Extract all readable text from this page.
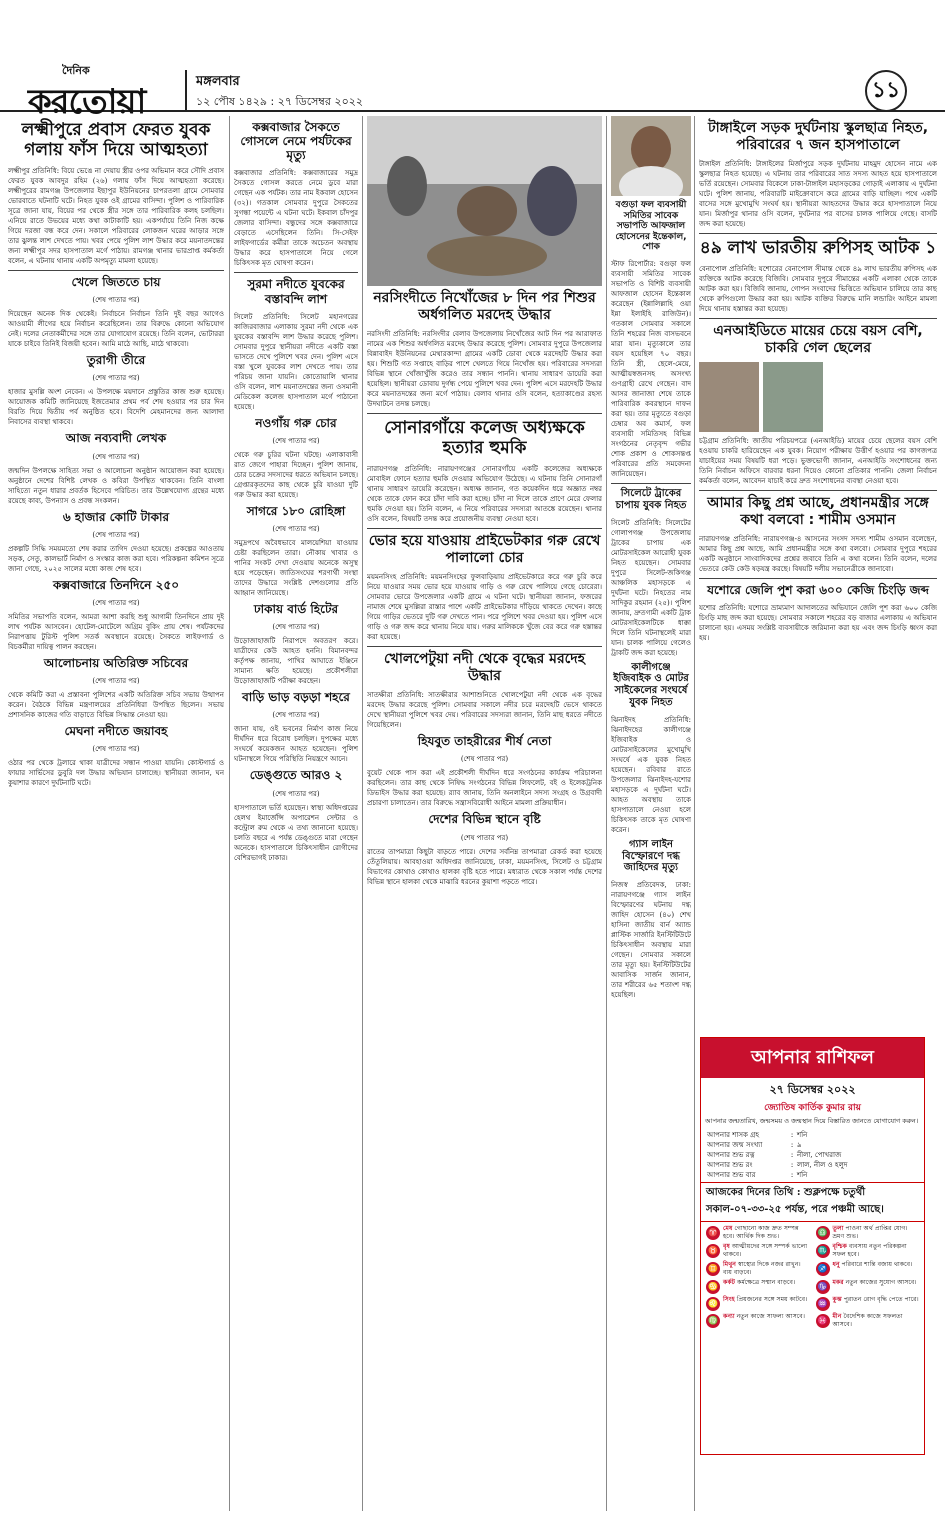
দৈনিক
করতোয়া
মঙ্গলবার
১২ পৌষ ১৪২৯ : ২৭ ডিসেম্বর ২০২২	১১
লক্ষ্মীপুরে প্রবাস ফেরত যুবক গলায় ফাঁস দিয়ে আত্মহত্যা

লক্ষ্মীপুর প্রতিনিধি: বিয়ে ভেঙে না দেয়ায় স্ত্রীর ওপর অভিমান করে সৌদি প্রবাস ফেরত যুবক আবদুর রহিম (২৬) গলায় ফাঁস দিয়ে আত্মহত্যা করেছে। লক্ষ্মীপুরের রামগঞ্জ উপজেলার ইছাপুর ইউনিয়নের চাপরতলা গ্রামে সোমবার ভোরবাতে ঘটনাটি ঘটে। নিহত যুবক ওই গ্রামের বাসিন্দা। পুলিশ ও পারিবারিক সূত্রে জানা যায়, বিয়ের পর থেকে স্ত্রীর সঙ্গে তার পারিবারিক কলহ চলছিল। এনিয়ে রাতে উভয়ের মধ্যে কথা কাটাকাটি হয়। একপর্যায়ে তিনি নিজ কক্ষে গিয়ে দরজা বন্ধ করে দেন। সকালে পরিবারের লোকজন ঘরের আড়ার সঙ্গে তার ঝুলন্ত লাশ দেখতে পায়। খবর পেয়ে পুলিশ লাশ উদ্ধার করে ময়নাতদন্তের জন্য লক্ষ্মীপুর সদর হাসপাতাল মর্গে পাঠায়। রামগঞ্জ থানার ভারপ্রাপ্ত কর্মকর্তা বলেন, এ ঘটনায় থানায় একটি অপমৃত্যু মামলা হয়েছে।

খেলে জিততে চায়
(শেষ পাতার পর)

দিয়েছেন অনেক দিক থেকেই। নির্বাচনে নির্বাচন তিনি দুই বছর আগেও আওয়ামী লীগের হয়ে নির্বাচন করেছিলেন। তার বিরুদ্ধে কোনো অভিযোগ নেই। দলের নেতাকর্মীদের সঙ্গে তার যোগাযোগ রয়েছে। তিনি বলেন, ভোটাররা যাকে চাইবে তিনিই বিজয়ী হবেন। আমি মাঠে আছি, মাঠে থাকবো।

তুরাগী তীরে
(শেষ পাতার পর)

হাজার মুসল্লি অংশ নেবেন। এ উপলক্ষে ময়দানে প্রস্তুতির কাজ শুরু হয়েছে। আয়োজক কমিটি জানিয়েছে ইজতেমার প্রথম পর্ব শেষ হওয়ার পর চার দিন বিরতি দিয়ে দ্বিতীয় পর্ব অনুষ্ঠিত হবে। বিদেশি মেহমানদের জন্য আলাদা নিবাসের ব্যবস্থা থাকবে।

আজ নব্যবাদী লেখক
(শেষ পাতার পর)

জন্মদিন উপলক্ষে সাহিত্য সভা ও আলোচনা অনুষ্ঠান আয়োজন করা হয়েছে। অনুষ্ঠানে দেশের বিশিষ্ট লেখক ও কবিরা উপস্থিত থাকবেন। তিনি বাংলা সাহিত্যে নতুন ধারার প্রবর্তক হিসেবে পরিচিত। তার উল্লেখযোগ্য গ্রন্থের মধ্যে রয়েছে কাব্য, উপন্যাস ও প্রবন্ধ সংকলন।

৬ হাজার কোটি টাকার
(শেষ পাতার পর)

প্রকল্পটি সিদ্ধি সময়মতো শেষ করার তাগিদ দেওয়া হয়েছে। প্রকল্পের আওতায় সড়ক, সেতু, কালভার্ট নির্মাণ ও সংস্কার কাজ করা হবে। পরিকল্পনা কমিশন সূত্রে জানা গেছে, ২০২৫ সালের মধ্যে কাজ শেষ হবে।

কক্সবাজারে তিনদিনে ২৫০
(শেষ পাতার পর)

সমিতির সভাপতি বলেন, আমরা আশা করছি শুধু আগামী তিনদিনে প্রায় দুই লাখ পর্যটক আসবেন। হোটেল-মোটেলে অগ্রিম বুকিং প্রায় শেষ। পর্যটকদের নিরাপত্তায় টুরিস্ট পুলিশ সতর্ক অবস্থানে রয়েছে। সৈকতে লাইফগার্ড ও বিচকর্মীরা দায়িত্ব পালন করছেন।

আলোচনায় অতিরিক্ত সচিবের
(শেষ পাতার পর)

থেকে কমিটি করা এ প্রস্তাবনা পুলিশের একটি অতিরিক্ত সচিব সভায় উত্থাপন করেন। বৈঠকে বিভিন্ন মন্ত্রণালয়ের প্রতিনিধিরা উপস্থিত ছিলেন। সভায় প্রশাসনিক কাজের গতি বাড়াতে বিভিন্ন সিদ্ধান্ত নেওয়া হয়।

মেঘনা নদীতে জয়াবহ
(শেষ পাতার পর)

ওঠার পর থেকে ট্রলারে থাকা যাত্রীদের সন্ধান পাওয়া যায়নি। কোস্টগার্ড ও ফায়ার সার্ভিসের ডুবুরি দল উদ্ধার অভিযান চালাচ্ছে। স্থানীয়রা জানান, ঘন কুয়াশার কারণে দুর্ঘটনাটি ঘটে।

কক্সবাজার সৈকতে গোসলে নেমে পর্যটকের মৃত্যু

কক্সবাজার প্রতিনিধি: কক্সবাজারের সমুদ্র সৈকতে গোসল করতে নেমে ডুবে মারা গেছেন এক পর্যটক। তার নাম ইকবাল হোসেন (৩২)। গতকাল সোমবার দুপুরে সৈকতের সুগন্ধা পয়েন্টে এ ঘটনা ঘটে। ইকবাল চাঁদপুর জেলার বাসিন্দা। বন্ধুদের সঙ্গে কক্সবাজারে বেড়াতে এসেছিলেন তিনি। সি-সেইফ লাইফগার্ডের কর্মীরা তাকে অচেতন অবস্থায় উদ্ধার করে হাসপাতালে নিয়ে গেলে চিকিৎসক মৃত ঘোষণা করেন।

সুরমা নদীতে যুবকের বস্তাবন্দি লাশ

সিলেট প্রতিনিধি: সিলেট মহানগরের কাজিরবাজার এলাকায় সুরমা নদী থেকে এক যুবকের বস্তাবন্দি লাশ উদ্ধার করেছে পুলিশ। সোমবার দুপুরে স্থানীয়রা নদীতে একটি বস্তা ভাসতে দেখে পুলিশে খবর দেন। পুলিশ এসে বস্তা খুলে যুবকের লাশ দেখতে পায়। তার পরিচয় জানা যায়নি। কোতোয়ালি থানার ওসি বলেন, লাশ ময়নাতদন্তের জন্য ওসমানী মেডিকেল কলেজ হাসপাতাল মর্গে পাঠানো হয়েছে।

নওগাঁয় গরু চোর
(শেষ পাতার পর)

থেকে গরু চুরির ঘটনা ঘটছে। এলাকাবাসী রাত জেগে পাহারা দিচ্ছেন। পুলিশ জানায়, চোর চক্রের সদস্যদের ধরতে অভিযান চলছে। গ্রেপ্তারকৃতদের কাছ থেকে চুরি যাওয়া দুটি গরু উদ্ধার করা হয়েছে।

সাগরে ১৮০ রোহিঙ্গা
(শেষ পাতার পর)

সমুদ্রপথে অবৈধভাবে মালয়েশিয়া যাওয়ার চেষ্টা করছিলেন তারা। নৌকায় খাবার ও পানির সংকট দেখা দেওয়ায় অনেকে অসুস্থ হয়ে পড়েছেন। জাতিসংঘের শরণার্থী সংস্থা তাদের উদ্ধারে সংশ্লিষ্ট দেশগুলোর প্রতি আহ্বান জানিয়েছে।

ঢাকায় বার্ড হিটের
(শেষ পাতার পর)

উড়োজাহাজটি নিরাপদে অবতরণ করে। যাত্রীদের কেউ আহত হননি। বিমানবন্দর কর্তৃপক্ষ জানায়, পাখির আঘাতে ইঞ্জিনে সামান্য ক্ষতি হয়েছে। প্রকৌশলীরা উড়োজাহাজটি পরীক্ষা করছেন।

বাড়ি ভাড় বড়ড়া শহরে
(শেষ পাতার পর)

জানা যায়, ওই ভবনের নির্মাণ কাজ নিয়ে দীর্ঘদিন ধরে বিরোধ চলছিল। দুপক্ষের মধ্যে সংঘর্ষে কয়েকজন আহত হয়েছেন। পুলিশ ঘটনাস্থলে গিয়ে পরিস্থিতি নিয়ন্ত্রণে আনে।

ডেঙ্গুতে আরও ২
(শেষ পাতার পর)

হাসপাতালে ভর্তি হয়েছেন। স্বাস্থ্য অধিদপ্তরের হেলথ ইমার্জেন্সি অপারেশন সেন্টার ও কন্ট্রোল রুম থেকে এ তথ্য জানানো হয়েছে। চলতি বছরে এ পর্যন্ত ডেঙ্গুতে মারা গেছেন অনেকে। হাসপাতালে চিকিৎসাধীন রোগীদের বেশিরভাগই ঢাকার।

নরসিংদীতে নিখোঁজের ৮ দিন পর শিশুর অর্ধগলিত মরদেহ উদ্ধার

নরসিংদী প্রতিনিধি: নরসিংদীর বেলাব উপজেলায় নিখোঁজের আট দিন পর আরাফাত নামের এক শিশুর অর্ধগলিত মরদেহ উদ্ধার করেছে পুলিশ। সোমবার দুপুরে উপজেলার বিন্নাবাইদ ইউনিয়নের মেথারকান্দা গ্রামের একটি ডোবা থেকে মরদেহটি উদ্ধার করা হয়। শিশুটি গত সপ্তাহে বাড়ির পাশে খেলতে গিয়ে নিখোঁজ হয়। পরিবারের সদস্যরা বিভিন্ন স্থানে খোঁজাখুঁজি করেও তার সন্ধান পাননি। থানায় সাধারণ ডায়েরি করা হয়েছিল। স্থানীয়রা ডোবায় দুর্গন্ধ পেয়ে পুলিশে খবর দেন। পুলিশ এসে মরদেহটি উদ্ধার করে ময়নাতদন্তের জন্য মর্গে পাঠায়। বেলাব থানার ওসি বলেন, হত্যাকাণ্ডের রহস্য উদঘাটনে তদন্ত চলছে।

সোনারগাঁয়ে কলেজ অধ্যক্ষকে হত্যার হুমকি

নারায়ণগঞ্জ প্রতিনিধি: নারায়ণগঞ্জের সোনারগাঁয়ে একটি কলেজের অধ্যক্ষকে মোবাইল ফোনে হত্যার হুমকি দেওয়ার অভিযোগ উঠেছে। এ ঘটনায় তিনি সোনারগাঁ থানায় সাধারণ ডায়েরি করেছেন। অধ্যক্ষ জানান, গত কয়েকদিন ধরে অজ্ঞাত নম্বর থেকে তাকে ফোন করে চাঁদা দাবি করা হচ্ছে। চাঁদা না দিলে তাকে প্রাণে মেরে ফেলার হুমকি দেওয়া হয়। তিনি বলেন, এ নিয়ে পরিবারের সদস্যরা আতঙ্কে রয়েছেন। থানার ওসি বলেন, বিষয়টি তদন্ত করে প্রয়োজনীয় ব্যবস্থা নেওয়া হবে।

ভোর হয়ে যাওয়ায় প্রাইভেটকার গরু রেখে পালালো চোর

ময়মনসিংহ প্রতিনিধি: ময়মনসিংহের ফুলবাড়িয়ায় প্রাইভেটকারে করে গরু চুরি করে নিয়ে যাওয়ার সময় ভোর হয়ে যাওয়ায় গাড়ি ও গরু রেখে পালিয়ে গেছে চোরেরা। সোমবার ভোরে উপজেলার একটি গ্রামে এ ঘটনা ঘটে। স্থানীয়রা জানান, ফজরের নামাজ শেষে মুসল্লিরা রাস্তার পাশে একটি প্রাইভেটকার দাঁড়িয়ে থাকতে দেখেন। কাছে গিয়ে গাড়ির ভেতরে দুটি গরু দেখতে পান। পরে পুলিশে খবর দেওয়া হয়। পুলিশ এসে গাড়ি ও গরু জব্দ করে থানায় নিয়ে যায়। গরুর মালিককে খুঁজে বের করে গরু হস্তান্তর করা হয়েছে।

খোলপেটুয়া নদী থেকে বৃদ্ধের মরদেহ উদ্ধার

সাতক্ষীরা প্রতিনিধি: সাতক্ষীরার আশাশুনিতে খোলপেটুয়া নদী থেকে এক বৃদ্ধের মরদেহ উদ্ধার করেছে পুলিশ। সোমবার সকালে নদীর চরে মরদেহটি ভেসে থাকতে দেখে স্থানীয়রা পুলিশে খবর দেয়। পরিবারের সদস্যরা জানান, তিনি মাছ ধরতে নদীতে গিয়েছিলেন।

হিযবুত তাহরীরের শীর্ষ নেতা
(শেষ পাতার পর)

বুয়েট থেকে পাস করা এই প্রকৌশলী দীর্ঘদিন ধরে সংগঠনের কার্যক্রম পরিচালনা করছিলেন। তার কাছ থেকে নিষিদ্ধ সংগঠনের বিভিন্ন লিফলেট, বই ও ইলেকট্রনিক ডিভাইস উদ্ধার করা হয়েছে। র‍্যাব জানায়, তিনি অনলাইনে সদস্য সংগ্রহ ও উগ্রবাদী প্রচারণা চালাতেন। তার বিরুদ্ধে সন্ত্রাসবিরোধী আইনে মামলা প্রক্রিয়াধীন।

দেশের বিভিন্ন স্থানে বৃষ্টি
(শেষ পাতার পর)

রাতের তাপমাত্রা কিছুটা বাড়তে পারে। দেশের সর্বনিম্ন তাপমাত্রা রেকর্ড করা হয়েছে তেঁতুলিয়ায়। আবহাওয়া অধিদপ্তর জানিয়েছে, ঢাকা, ময়মনসিংহ, সিলেট ও চট্টগ্রাম বিভাগের কোথাও কোথাও হালকা বৃষ্টি হতে পারে। মধ্যরাত থেকে সকাল পর্যন্ত দেশের বিভিন্ন স্থানে হালকা থেকে মাঝারি ধরনের কুয়াশা পড়তে পারে।

বগুড়া ফল ব্যবসায়ী সমিতির সাবেক সভাপতি আফজাল হোসেনের ইন্তেকাল, শোক

স্টাফ রিপোর্টার: বগুড়া ফল ব্যবসায়ী সমিতির সাবেক সভাপতি ও বিশিষ্ট ব্যবসায়ী আফজাল হোসেন ইন্তেকাল করেছেন (ইন্নালিল্লাহি ওয়া ইন্না ইলাইহি রাজিউন)। গতকাল সোমবার সকালে তিনি শহরের নিজ বাসভবনে মারা যান। মৃত্যুকালে তার বয়স হয়েছিল ৭০ বছর। তিনি স্ত্রী, ছেলে-মেয়ে, আত্মীয়স্বজনসহ অসংখ্য গুণগ্রাহী রেখে গেছেন। বাদ আসর জানাজা শেষে তাকে পারিবারিক কবরস্থানে দাফন করা হয়। তার মৃত্যুতে বগুড়া চেম্বার অব কমার্স, ফল ব্যবসায়ী সমিতিসহ বিভিন্ন সংগঠনের নেতৃবৃন্দ গভীর শোক প্রকাশ ও শোকসন্তপ্ত পরিবারের প্রতি সমবেদনা জানিয়েছেন।

সিলেটে ট্রাকের চাপায় যুবক নিহত

সিলেট প্রতিনিধি: সিলেটের গোলাপগঞ্জ উপজেলায় ট্রাকের চাপায় এক মোটরসাইকেল আরোহী যুবক নিহত হয়েছেন। সোমবার দুপুরে সিলেট-জকিগঞ্জ আঞ্চলিক মহাসড়কে এ দুর্ঘটনা ঘটে। নিহতের নাম সাদিকুর রহমান (২৫)। পুলিশ জানায়, দ্রুতগামী একটি ট্রাক মোটরসাইকেলটিকে ধাক্কা দিলে তিনি ঘটনাস্থলেই মারা যান। চালক পালিয়ে গেলেও ট্রাকটি জব্দ করা হয়েছে।

কালীগঞ্জে ইজিবাইক ও মোটর সাইকেলের সংঘর্ষে যুবক নিহত

ঝিনাইদহ প্রতিনিধি: ঝিনাইদহের কালীগঞ্জে ইজিবাইক ও মোটরসাইকেলের মুখোমুখি সংঘর্ষে এক যুবক নিহত হয়েছেন। রবিবার রাতে উপজেলার ঝিনাইদহ-যশোর মহাসড়কে এ দুর্ঘটনা ঘটে। আহত অবস্থায় তাকে হাসপাতালে নেওয়া হলে চিকিৎসক তাকে মৃত ঘোষণা করেন।

গ্যাস লাইন বিস্ফোরণে দগ্ধ জাহিদের মৃত্যু

নিজস্ব প্রতিবেদক, ঢাকা: নারায়ণগঞ্জে গ্যাস লাইন বিস্ফোরণের ঘটনায় দগ্ধ জাহিদ হোসেন (৪০) শেখ হাসিনা জাতীয় বার্ন অ্যান্ড প্লাস্টিক সার্জারি ইনস্টিটিউটে চিকিৎসাধীন অবস্থায় মারা গেছেন। সোমবার সকালে তার মৃত্যু হয়। ইনস্টিটিউটের আবাসিক সার্জন জানান, তার শরীরের ৬৫ শতাংশ দগ্ধ হয়েছিল।

টাঙ্গাইলে সড়ক দুর্ঘটনায় স্কুলছাত্র নিহত, পরিবারের ৭ জন হাসপাতালে

টাঙ্গাইল প্রতিনিধি: টাঙ্গাইলের মির্জাপুরে সড়ক দুর্ঘটনায় মাহমুদ হোসেন নামে এক স্কুলছাত্র নিহত হয়েছে। এ ঘটনায় তার পরিবারের সাত সদস্য আহত হয়ে হাসপাতালে ভর্তি রয়েছেন। সোমবার বিকেলে ঢাকা-টাঙ্গাইল মহাসড়কের গোড়াই এলাকায় এ দুর্ঘটনা ঘটে। পুলিশ জানায়, পরিবারটি মাইক্রোবাসে করে গ্রামের বাড়ি যাচ্ছিল। পথে একটি বাসের সঙ্গে মুখোমুখি সংঘর্ষ হয়। স্থানীয়রা আহতদের উদ্ধার করে হাসপাতালে নিয়ে যান। মির্জাপুর থানার ওসি বলেন, দুর্ঘটনার পর বাসের চালক পালিয়ে গেছে। বাসটি জব্দ করা হয়েছে।

৪৯ লাখ ভারতীয় রুপিসহ আটক ১

বেনাপোল প্রতিনিধি: যশোরের বেনাপোল সীমান্ত থেকে ৪৯ লাখ ভারতীয় রুপিসহ এক ব্যক্তিকে আটক করেছে বিজিবি। সোমবার দুপুরে সীমান্তের একটি এলাকা থেকে তাকে আটক করা হয়। বিজিবি জানায়, গোপন সংবাদের ভিত্তিতে অভিযান চালিয়ে তার কাছ থেকে রুপিগুলো উদ্ধার করা হয়। আটক ব্যক্তির বিরুদ্ধে মানি লন্ডারিং আইনে মামলা দিয়ে থানায় হস্তান্তর করা হয়েছে।

এনআইডিতে মায়ের চেয়ে বয়স বেশি, চাকরি গেল ছেলের

চট্টগ্রাম প্রতিনিধি: জাতীয় পরিচয়পত্রে (এনআইডি) মায়ের চেয়ে ছেলের বয়স বেশি হওয়ায় চাকরি হারিয়েছেন এক যুবক। নিয়োগ পরীক্ষায় উত্তীর্ণ হওয়ার পর কাগজপত্র যাচাইয়ের সময় বিষয়টি ধরা পড়ে। ভুক্তভোগী জানান, এনআইডি সংশোধনের জন্য তিনি নির্বাচন অফিসে বারবার ধরনা দিয়েও কোনো প্রতিকার পাননি। জেলা নির্বাচন কর্মকর্তা বলেন, আবেদন যাচাই করে দ্রুত সংশোধনের ব্যবস্থা নেওয়া হবে।

আমার কিছু প্রশ্ন আছে, প্রধানমন্ত্রীর সঙ্গে কথা বলবো : শামীম ওসমান

নারায়ণগঞ্জ প্রতিনিধি: নারায়ণগঞ্জ-৪ আসনের সংসদ সদস্য শামীম ওসমান বলেছেন, আমার কিছু প্রশ্ন আছে, আমি প্রধানমন্ত্রীর সঙ্গে কথা বলবো। সোমবার দুপুরে শহরের একটি অনুষ্ঠানে সাংবাদিকদের প্রশ্নের জবাবে তিনি এ কথা বলেন। তিনি বলেন, দলের ভেতরে কেউ কেউ ষড়যন্ত্র করছে। বিষয়টি দলীয় সভানেত্রীকে জানাবো।

যশোরে জেলি পুশ করা ৬০০ কেজি চিংড়ি জব্দ

যশোর প্রতিনিধি: যশোরে ভ্রাম্যমাণ আদালতের অভিযানে জেলি পুশ করা ৬০০ কেজি চিংড়ি মাছ জব্দ করা হয়েছে। সোমবার সকালে শহরের বড় বাজার এলাকায় এ অভিযান চালানো হয়। এসময় সংশ্লিষ্ট ব্যবসায়ীকে জরিমানা করা হয় এবং জব্দ চিংড়ি ধ্বংস করা হয়।

আপনার রাশিফল
২৭ ডিসেম্বর ২০২২
জ্যোতিষ কার্তিক কুমার রায়
আপনার জন্মতারিখ, জন্মসময় ও জন্মস্থান দিয়ে বিস্তারিত জানতে যোগাযোগ করুন।
আপনার শাসক গ্রহ	: শনি
আপনার জন্ম সংখ্যা	: ৯
আপনার শুভ রত্ন	: নীলা, পোখরাজ
আপনার শুভ রং	: লাল, নীল ও হলুদ
আপনার শুভ বার	: শনি
আজকের দিনের তিথি : শুক্লপক্ষে চতুর্থী সকাল-০৭-৩৩-২৫ পর্যন্ত, পরে পঞ্চমী আছে।
♈ মেষ গোছানো কাজ দ্রুত সম্পন্ন হবে। আর্থিক দিক শুভ।	♎ তুলা পাওনা অর্থ প্রাপ্তির যোগ। ভ্রমণ শুভ।
♉ বৃষ আত্মীয়দের সঙ্গে সম্পর্ক ভালো থাকবে।	♏ বৃশ্চিক ব্যবসায় নতুন পরিকল্পনা সফল হবে।
♊ মিথুন স্বাস্থ্যের দিকে নজর রাখুন। ব্যয় বাড়বে।	♐ ধনু পরিবারে শান্তি বজায় থাকবে।
♋ কর্কট কর্মক্ষেত্রে সম্মান বাড়বে।	♑ মকর নতুন কাজের সুযোগ আসবে।
♌ সিংহ প্রিয়জনের সঙ্গে সময় কাটবে। ♒ কুম্ভ পুরাতন রোগ বৃদ্ধি পেতে পারে।
♍ কন্যা নতুন কাজে সাফল্য আসবে। ♓ মীন বৈদেশিক কাজে সফলতা আসবে।
